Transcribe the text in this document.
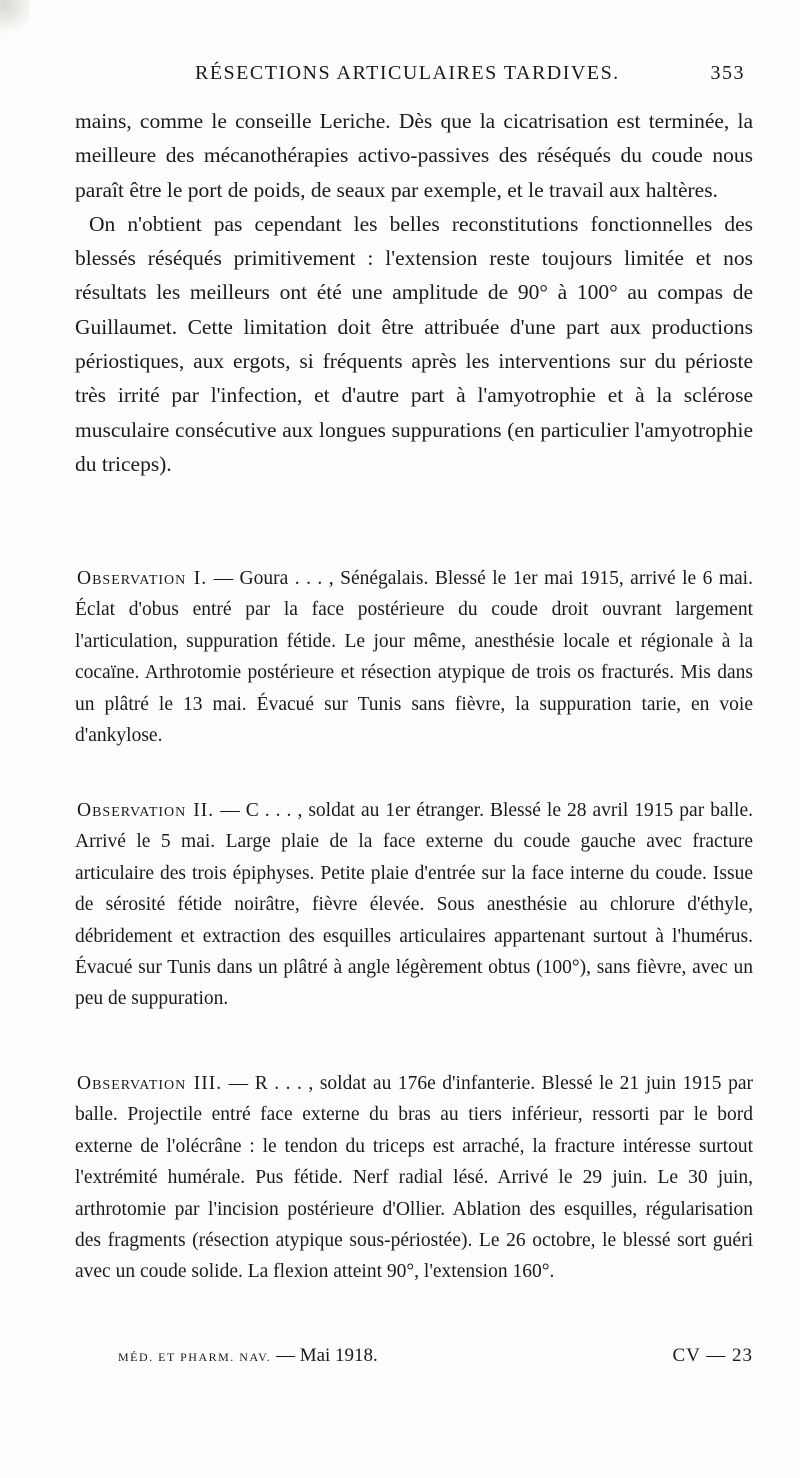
RÉSECTIONS ARTICULAIRES TARDIVES.	353

mains, comme le conseille Leriche. Dès que la cicatrisation est terminée, la meilleure des mécanothérapies activo-passives des réséqués du coude nous paraît être le port de poids, de seaux par exemple, et le travail aux haltères.

On n'obtient pas cependant les belles reconstitutions fonctionnelles des blessés réséqués primitivement : l'extension reste toujours limitée et nos résultats les meilleurs ont été une amplitude de 90° à 100° au compas de Guillaumet. Cette limitation doit être attribuée d'une part aux productions périostiques, aux ergots, si fréquents après les interventions sur du périoste très irrité par l'infection, et d'autre part à l'amyotrophie et à la sclérose musculaire consécutive aux longues suppurations (en particulier l'amyotrophie du triceps).

Observation I. — Goura . . . , Sénégalais. Blessé le 1er mai 1915, arrivé le 6 mai. Éclat d'obus entré par la face postérieure du coude droit ouvrant largement l'articulation, suppuration fétide. Le jour même, anesthésie locale et régionale à la cocaïne. Arthrotomie postérieure et résection atypique de trois os fracturés. Mis dans un plâtré le 13 mai. Évacué sur Tunis sans fièvre, la suppuration tarie, en voie d'ankylose.
Observation II. — C . . . , soldat au 1er étranger. Blessé le 28 avril 1915 par balle. Arrivé le 5 mai. Large plaie de la face externe du coude gauche avec fracture articulaire des trois épiphyses. Petite plaie d'entrée sur la face interne du coude. Issue de sérosité fétide noirâtre, fièvre élevée. Sous anesthésie au chlorure d'éthyle, débridement et extraction des esquilles articulaires appartenant surtout à l'humérus. Évacué sur Tunis dans un plâtré à angle légèrement obtus (100°), sans fièvre, avec un peu de suppuration.
Observation III. — R . . . , soldat au 176e d'infanterie. Blessé le 21 juin 1915 par balle. Projectile entré face externe du bras au tiers inférieur, ressorti par le bord externe de l'olécrâne : le tendon du triceps est arraché, la fracture intéresse surtout l'extrémité humérale. Pus fétide. Nerf radial lésé. Arrivé le 29 juin. Le 30 juin, arthrotomie par l'incision postérieure d'Ollier. Ablation des esquilles, régularisation des fragments (résection atypique sous-périostée). Le 26 octobre, le blessé sort guéri avec un coude solide. La flexion atteint 90°, l'extension 160°.
MÉD. ET PHARM. NAV. — Mai 1918.	CV — 23
